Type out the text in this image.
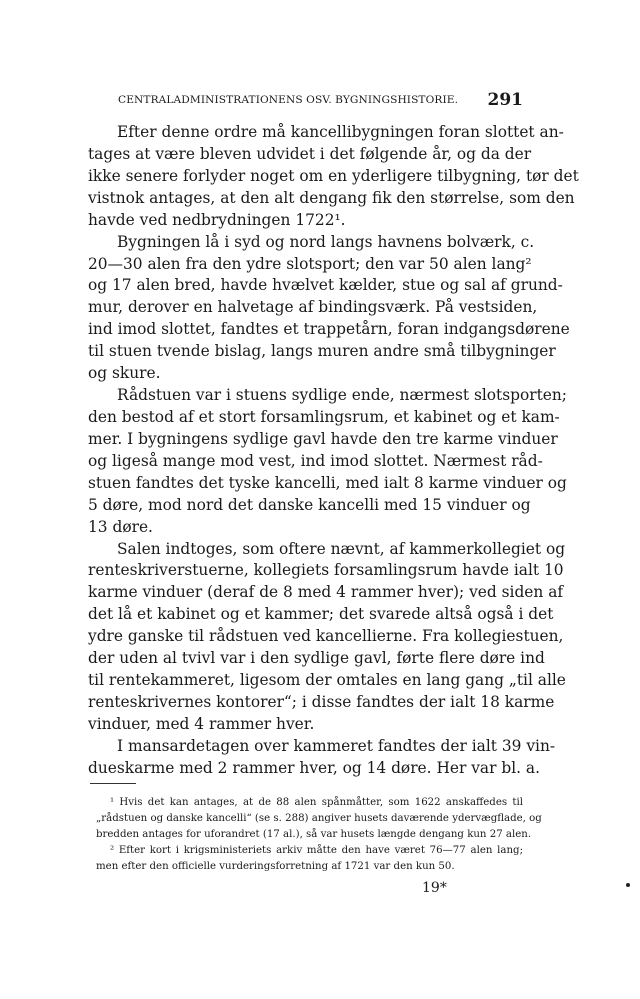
CENTRALADMINISTRATIONENS OSV. BYGNINGSHISTORIE. 291
Efter denne ordre må kancellibygningen foran slottet an-
tages at være bleven udvidet i det følgende år, og da der
ikke senere forlyder noget om en yderligere tilbygning, tør det
vistnok antages, at den alt dengang fik den størrelse, som den
havde ved nedbrydningen 1722¹.
Bygningen lå i syd og nord langs havnens bolværk, c.
20—30 alen fra den ydre slotsport; den var 50 alen lang²
og 17 alen bred, havde hvælvet kælder, stue og sal af grund-
mur, derover en halvetage af bindingsværk. På vestsiden,
ind imod slottet, fandtes et trappetårn, foran indgangsdørene
til stuen tvende bislag, langs muren andre små tilbygninger
og skure.
Rådstuen var i stuens sydlige ende, nærmest slotsporten;
den bestod af et stort forsamlingsrum, et kabinet og et kam-
mer. I bygningens sydlige gavl havde den tre karme vinduer
og ligeså mange mod vest, ind imod slottet. Nærmest råd-
stuen fandtes det tyske kancelli, med ialt 8 karme vinduer og
5 døre, mod nord det danske kancelli med 15 vinduer og
13 døre.
Salen indtoges, som oftere nævnt, af kammerkollegiet og
renteskriverstuerne, kollegiets forsamlingsrum havde ialt 10
karme vinduer (deraf de 8 med 4 rammer hver); ved siden af
det lå et kabinet og et kammer; det svarede altså også i det
ydre ganske til rådstuen ved kancellierne. Fra kollegiestuen,
der uden al tvivl var i den sydlige gavl, førte flere døre ind
til rentekammeret, ligesom der omtales en lang gang „til alle
renteskrivernes kontorer“; i disse fandtes der ialt 18 karme
vinduer, med 4 rammer hver.
I mansardetagen over kammeret fandtes der ialt 39 vin-
dueskarme med 2 rammer hver, og 14 døre. Her var bl. a.
¹ Hvis det kan antages, at de 88 alen spånmåtter, som 1622 anskaffedes til
„rådstuen og danske kancelli“ (se s. 288) angiver husets daværende ydervægflade, og
bredden antages for uforandret (17 al.), så var husets længde dengang kun 27 alen.
² Efter kort i krigsministeriets arkiv måtte den have været 76—77 alen lang;
men efter den officielle vurderingsforretning af 1721 var den kun 50.
19*
